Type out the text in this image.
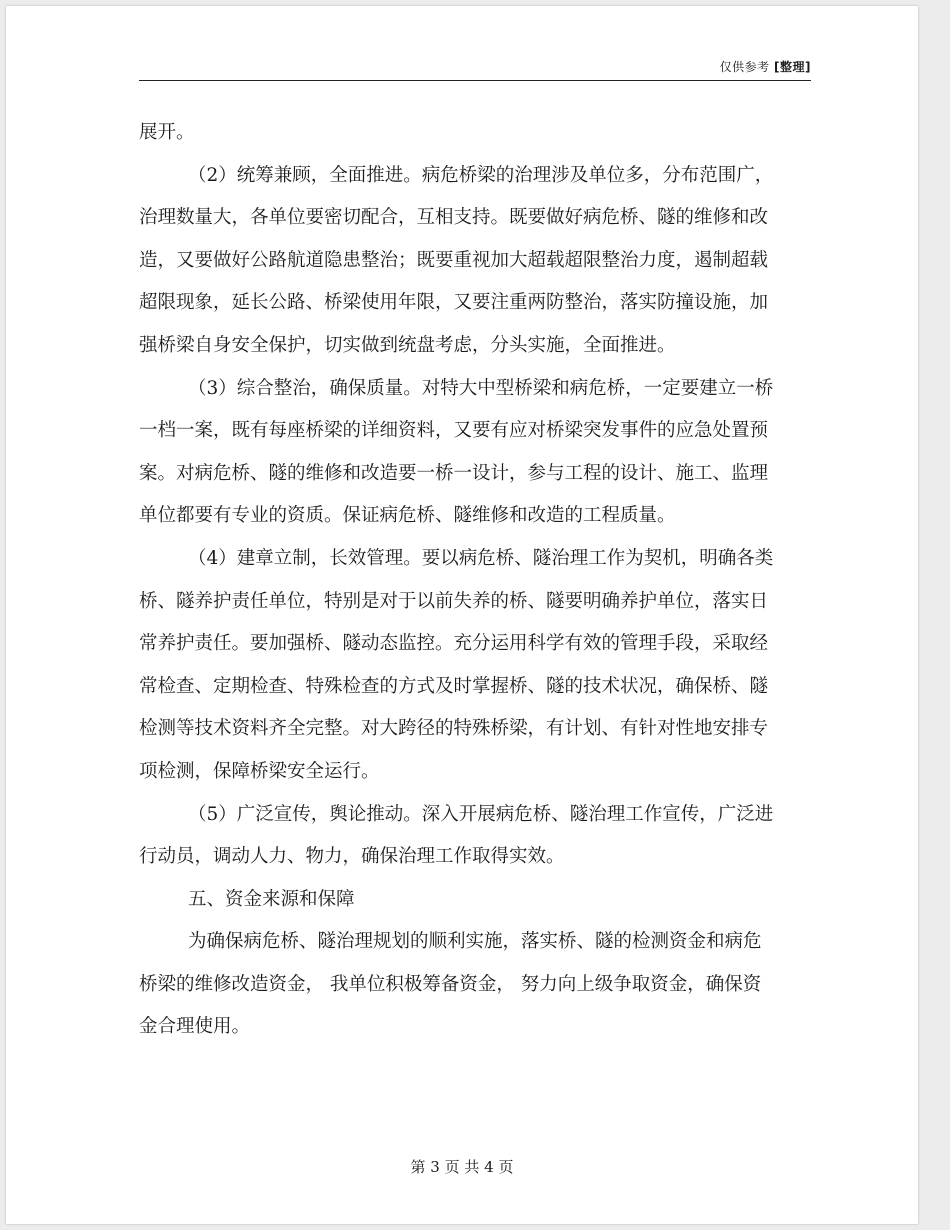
仅供参考 [整理]

展开。

（2）统筹兼顾，全面推进。病危桥梁的治理涉及单位多，分布范围广，治理数量大，各单位要密切配合，互相支持。既要做好病危桥、隧的维修和改造，又要做好公路航道隐患整治；既要重视加大超载超限整治力度，遏制超载超限现象，延长公路、桥梁使用年限，又要注重两防整治，落实防撞设施，加强桥梁自身安全保护，切实做到统盘考虑，分头实施，全面推进。

（3）综合整治，确保质量。对特大中型桥梁和病危桥，一定要建立一桥一档一案，既有每座桥梁的详细资料，又要有应对桥梁突发事件的应急处置预案。对病危桥、隧的维修和改造要一桥一设计，参与工程的设计、施工、监理单位都要有专业的资质。保证病危桥、隧维修和改造的工程质量。

（4）建章立制，长效管理。要以病危桥、隧治理工作为契机，明确各类桥、隧养护责任单位，特别是对于以前失养的桥、隧要明确养护单位，落实日常养护责任。要加强桥、隧动态监控。充分运用科学有效的管理手段，采取经常检查、定期检查、特殊检查的方式及时掌握桥、隧的技术状况，确保桥、隧检测等技术资料齐全完整。对大跨径的特殊桥梁，有计划、有针对性地安排专项检测，保障桥梁安全运行。

（5）广泛宣传，舆论推动。深入开展病危桥、隧治理工作宣传，广泛进行动员，调动人力、物力，确保治理工作取得实效。

五、资金来源和保障

为确保病危桥、隧治理规划的顺利实施，落实桥、隧的检测资金和病危桥梁的维修改造资金， 我单位积极筹备资金， 努力向上级争取资金，确保资金合理使用。

第 3 页 共 4 页
